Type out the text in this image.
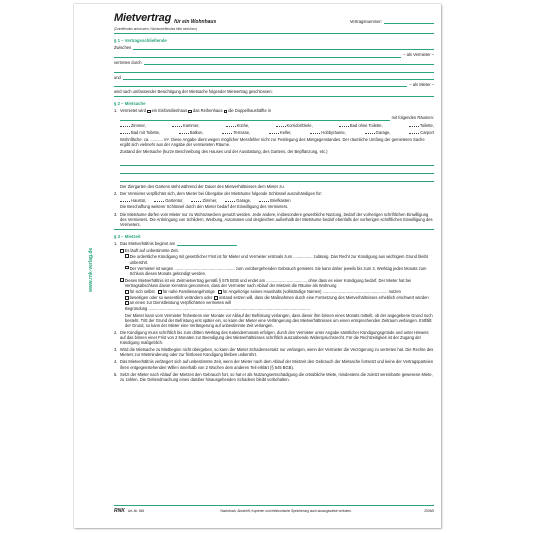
www.rnk-verlag.de
Mietvertrag für ein Wohnhaus	Vertragsnummer:
(Zutreffendes ankreuzen, Nichtzutreffendes bitte streichen)
§ 1 – Vertragsschließende
Zwischen
– als Vermieter –
vertreten durch
und
– als Mieter –
wird nach umfassender Besichtigung der Mietsache folgender Mietvertrag geschlossen:
§ 2 – Mietsache
1. Vermietet wird
ein Einfamilienhaus
das Reihenhaus
die Doppelhaushälfte in
mit folgenden Räumen:
Zimmer,	Kammer,	Küche,	Korridor/Diele,	Bad ohne Toilette,	Toilette,
Bad mit Toilette,	Balkon,	Terrasse,	Keller,	Hobbyräume,	Garage,	Carport
Wohnfläche: ca. ........... m². Diese Angabe dient wegen möglicher Messfehler nicht zur Festlegung des Mietgegenstandes. Der räumliche Umfang der gemieteten Sache ergibt sich vielmehr aus der Angabe der vermieteten Räume.
Zustand der Mietsache (kurze Beschreibung des Hauses und der Ausstattung, des Gartens, der Bepflanzung, etc.)
Der Ziergarten des Gartens steht während der Dauer des Mietverhältnisses dem Mieter zu.
2. Der Vermieter verpflichtet sich, dem Mieter bei Übergabe der Mieträume folgende Schlüssel auszuhändigen für:
Haustür,	Gartentor,	Zimmer,	Garage,	Briefkasten
Die Beschaffung weiterer Schlüssel durch den Mieter bedarf der Einwilligung des Vermieters.
3. Die Mieträume dürfen vom Mieter nur zu Wohnzwecken genutzt werden. Jede andere, insbesondere gewerbliche Nutzung, bedarf der vorherigen schriftlichen Einwilligung des Vermieters. Die Anbringung von Schildern, Werbung, Automaten und dergleichen außerhalb der Mieträume bedarf ebenfalls der vorherigen schriftlichen Einwilligung des Vermieters.
§ 3 – Mietzeit
1. Das Mietverhältnis beginnt am
Es läuft auf unbestimmte Zeit.
Die ordentliche Kündigung mit gesetzlicher Frist ist für Mieter und Vermieter erstmals zum ................. zulässig. Das Recht zur Kündigung aus wichtigem Grund bleibt unberührt.
Der Vermieter ist wegen ..................................................... zum vorübergehenden Gebrauch gemietet. Sie kann daher jeweils bis zum 3. Werktag jedes Monats zum Schluss dieses Monats gekündigt werden.
Dieses Mietverhältnis ist ein Zeitmietvertrag gemäß § 575 BGB und endet am ..................................., ohne dass es einer Kündigung bedarf. Der Mieter hat bei Vertragsabschluss davon Kenntnis genommen, dass der Vermieter nach Ablauf der Mietzeit die Räume als Wohnung
für sich selbst für nahe Familienangehörige für Angehörige seines Haushalts (vollständige Namen) ......................................................... nutzen
beseitigen oder so wesentlich verändern oder instand setzen will, dass die Maßnahmen durch eine Fortsetzung des Mietverhältnisses erheblich erschwert würden  an einen zur Dienstleistung Verpflichteten vermieten will
Begründung ..............................................................................................................................................
Der Mieter kann vom Vermieter frühestens vier Monate vor Ablauf der Befristung verlangen, dass dieser ihm binnen eines Monats mitteilt, ob der angegebene Grund noch besteht. Tritt der Grund der Befristung erst später ein, so kann der Mieter eine Verlängerung des Mietverhältnisses um einen entsprechenden Zeitraum verlangen. Entfällt der Grund, so kann der Mieter eine Verlängerung auf unbestimmte Zeit verlangen.
2. Die Kündigung muss schriftlich bis zum dritten Werktag des Kalendermonats erfolgen, durch den Vermieter unter Angabe sämtlicher Kündigungsgründe und unter Hinweis auf das binnen einer Frist von 2 Monaten zur Beendigung des Mietverhältnisses schriftlich auszuübende Widerspruchsrecht. Für die Rechtzeitigkeit ist der Zugang der Kündigung maßgeblich.
3. Wird die Mietsache zu Mietbeginn nicht übergeben, so kann der Mieter Schadensersatz nur verlangen, wenn der Vermieter die Verzögerung zu vertreten hat. Die Rechte des Mieters zur Mietminderung oder zur fristlosen Kündigung bleiben unberührt.
4. Das Mietverhältnis verlängert sich auf unbestimmte Zeit, wenn der Mieter nach dem Ablauf der Mietzeit den Gebrauch der Mietsache fortsetzt und keine der Vertragsparteien ihren entgegenstehenden Willen innerhalb von 2 Wochen dem anderen Teil erklärt (§ 545 BGB).
5. Setzt der Mieter nach Ablauf der Mietzeit den Gebrauch fort, so hat er als Nutzungsentschädigung die ortsübliche Miete, mindestens die zuletzt vereinbarte gewesene Miete, zu zahlen. Die Geltendmachung eines darüber hinausgehenden Schadens bleibt vorbehalten.
RNK Art.-Nr. 545	Nachdruck, Abschrift, Kopieren und elektronische Speicherung auch auszugsweise verboten.	2005/5
